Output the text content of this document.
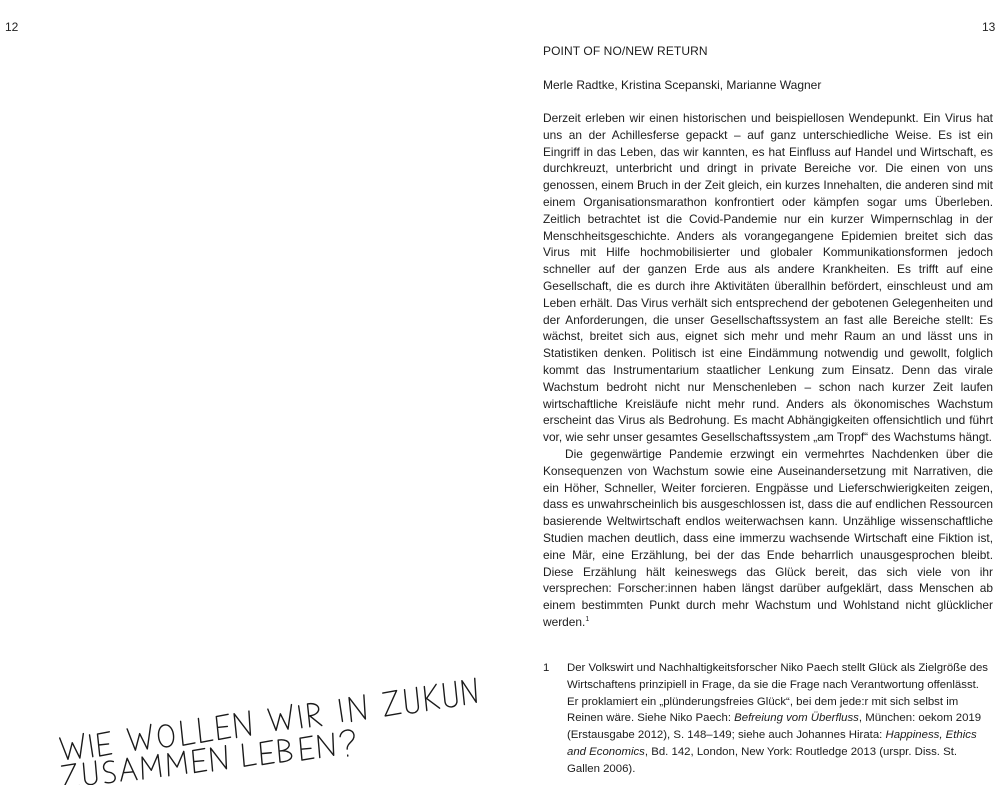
12	13
POINT OF NO/NEW RETURN
Merle Radtke, Kristina Scepanski, Marianne Wagner

Derzeit erleben wir einen historischen und beispiellosen Wendepunkt. Ein Virus hat uns an der Achillesferse gepackt – auf ganz unterschiedliche Weise. Es ist ein Eingriff in das Leben, das wir kannten, es hat Einfluss auf Handel und Wirtschaft, es durchkreuzt, unterbricht und dringt in private Bereiche vor. Die einen von uns genossen, einem Bruch in der Zeit gleich, ein kurzes Innehalten, die anderen sind mit einem Organisationsmarathon konfrontiert oder kämpfen sogar ums Überleben. Zeitlich betrachtet ist die Covid-Pandemie nur ein kurzer Wimpernschlag in der Menschheitsgeschichte. Anders als vorangegangene Epidemien breitet sich das Virus mit Hilfe hochmobilisierter und globaler Kommunikationsformen jedoch schneller auf der ganzen Erde aus als andere Krankheiten. Es trifft auf eine Gesellschaft, die es durch ihre Aktivitäten überallhin befördert, einschleust und am Leben erhält. Das Virus verhält sich entsprechend der gebotenen Gelegenheiten und der Anforderungen, die unser Gesellschaftssystem an fast alle Bereiche stellt: Es wächst, breitet sich aus, eignet sich mehr und mehr Raum an und lässt uns in Statistiken denken. Politisch ist eine Eindämmung notwendig und gewollt, folglich kommt das Instrumentarium staatlicher Lenkung zum Einsatz. Denn das virale Wachstum bedroht nicht nur Menschenleben – schon nach kurzer Zeit laufen wirtschaftliche Kreisläufe nicht mehr rund. Anders als ökonomisches Wachstum erscheint das Virus als Bedrohung. Es macht Abhängigkeiten offensichtlich und führt vor, wie sehr unser gesamtes Gesellschaftssystem „am Tropf“ des Wachstums hängt.

Die gegenwärtige Pandemie erzwingt ein vermehrtes Nachdenken über die Konsequenzen von Wachstum sowie eine Auseinandersetzung mit Narrativen, die ein Höher, Schneller, Weiter forcieren. Engpässe und Lieferschwierigkeiten zeigen, dass es unwahrscheinlich bis ausgeschlossen ist, dass die auf endlichen Ressourcen basierende Weltwirtschaft endlos weiterwachsen kann. Unzählige wissenschaftliche Studien machen deutlich, dass eine immerzu wachsende Wirtschaft eine Fiktion ist, eine Mär, eine Erzählung, bei der das Ende beharrlich unausgesprochen bleibt. Diese Erzählung hält keineswegs das Glück bereit, das sich viele von ihr versprechen: Forscher:innen haben längst darüber aufgeklärt, dass Menschen ab einem bestimmten Punkt durch mehr Wachstum und Wohlstand nicht glücklicher werden.$^1$

1 Der Volkswirt und Nachhaltigkeitsforscher Niko Paech stellt Glück als Zielgröße des Wirtschaftens prinzipiell in Frage, da sie die Frage nach Verantwortung offenlässt. Er proklamiert ein „plünderungsfreies Glück“, bei dem jede:r mit sich selbst im Reinen wäre. Siehe Niko Paech: Befreiung vom Überfluss, München: oekom 2019 (Erstausgabe 2012), S. 148–149; siehe auch Johannes Hirata: Happiness, Ethics and Economics, Bd. 142, London, New York: Routledge 2013 (urspr. Diss. St. Gallen 2006).
